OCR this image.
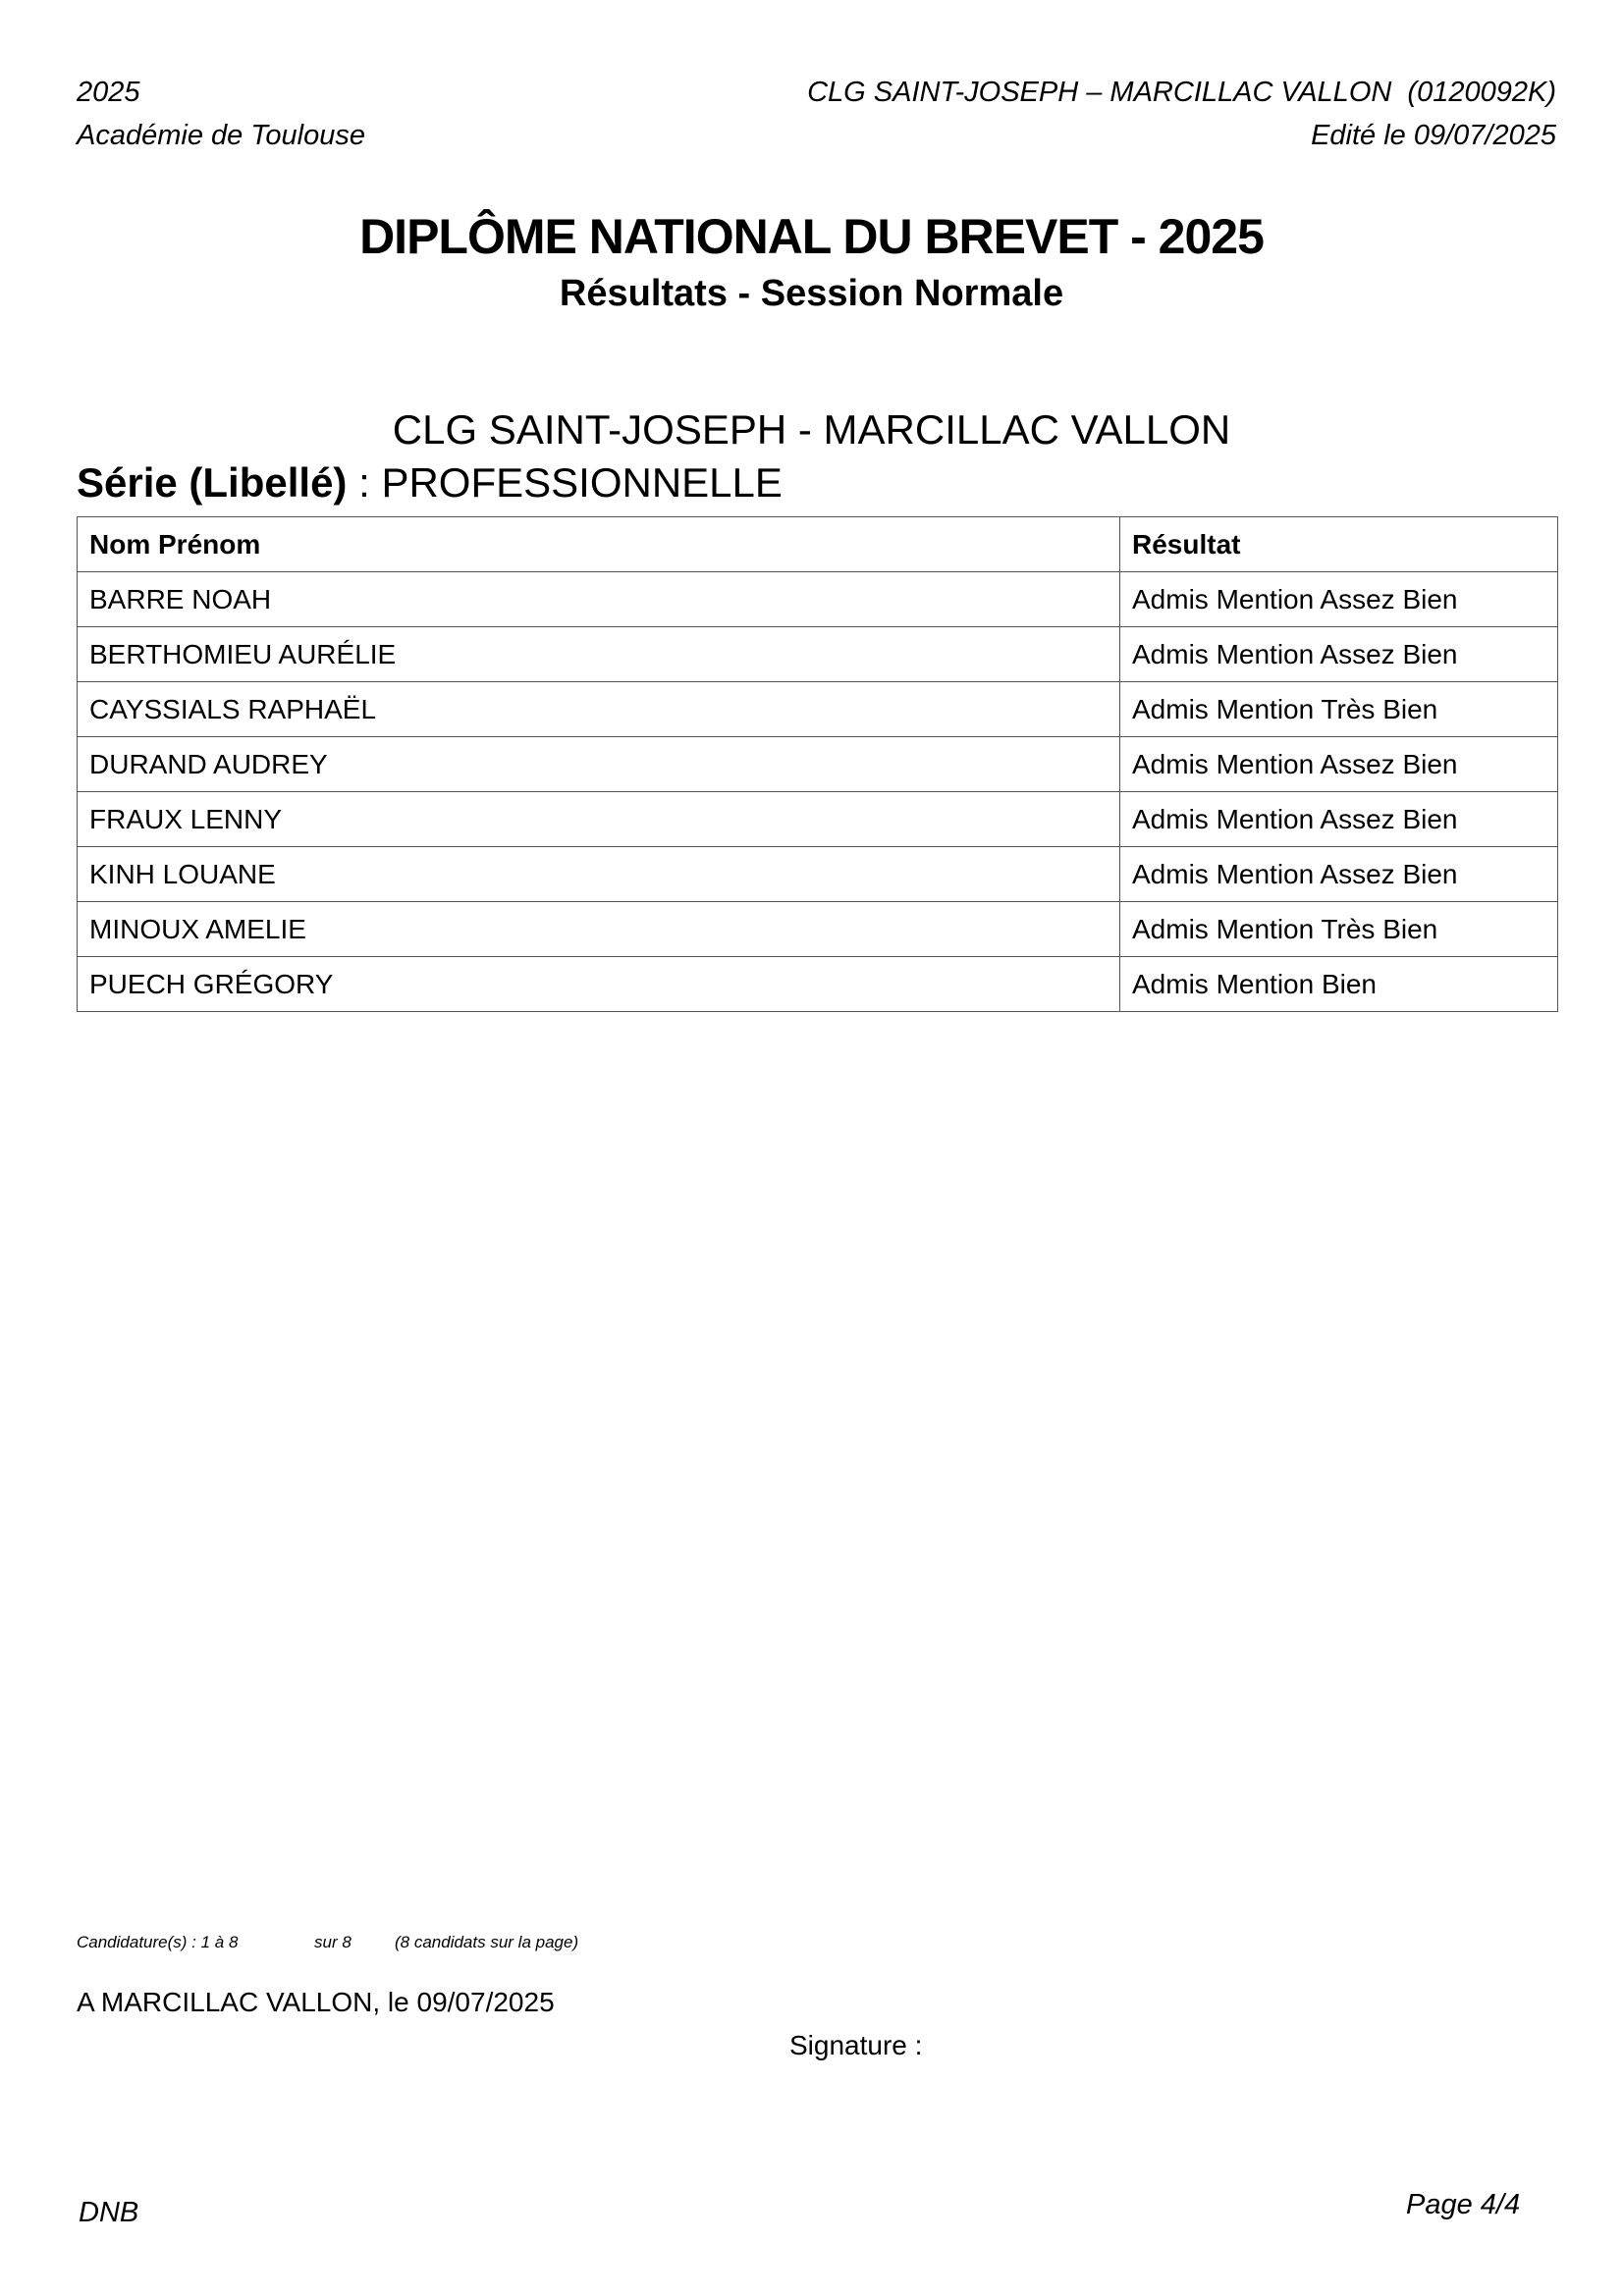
2025
Académie de Toulouse
CLG SAINT-JOSEPH – MARCILLAC VALLON  (0120092K)
Edité le 09/07/2025
DIPLÔME NATIONAL DU BREVET - 2025
Résultats - Session Normale
CLG SAINT-JOSEPH - MARCILLAC VALLON
Série (Libellé) : PROFESSIONNELLE
Nom Prénom	Résultat
BARRE NOAH	Admis Mention Assez Bien
BERTHOMIEU AURÉLIE	Admis Mention Assez Bien
CAYSSIALS RAPHAËL	Admis Mention Très Bien
DURAND AUDREY	Admis Mention Assez Bien
FRAUX LENNY	Admis Mention Assez Bien
KINH LOUANE	Admis Mention Assez Bien
MINOUX AMELIE	Admis Mention Très Bien
PUECH GRÉGORY	Admis Mention Bien
Candidature(s) : 1 à 8	sur 8	(8 candidats sur la page)
A MARCILLAC VALLON, le 09/07/2025
Signature :
DNB	Page 4/4
